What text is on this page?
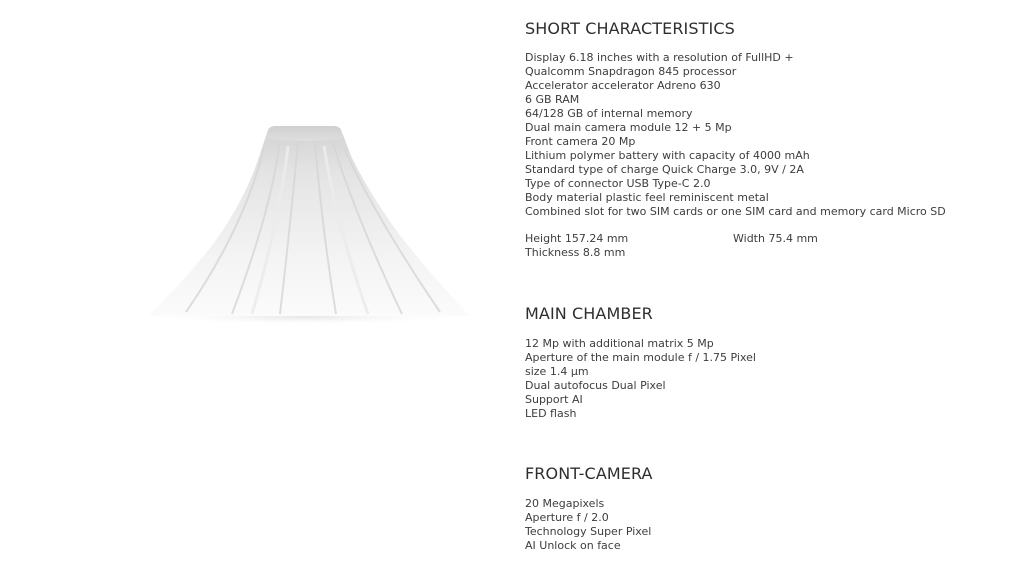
SHORT CHARACTERISTICS
Display 6.18 inches with a resolution of FullHD +
Qualcomm Snapdragon 845 processor
Accelerator accelerator Adreno 630
6 GB RAM
64/128 GB of internal memory
Dual main camera module 12 + 5 Mp
Front camera 20 Mp
Lithium polymer battery with capacity of 4000 mAh
Standard type of charge Quick Charge 3.0, 9V / 2A
Type of connector USB Type-C 2.0
Body material plastic feel reminiscent metal
Combined slot for two SIM cards or one SIM card and memory card Micro SD
Height 157.24 mm	Width 75.4 mm
Thickness 8.8 mm
MAIN CHAMBER
12 Mp with additional matrix 5 Mp
Aperture of the main module f / 1.75 Pixel
size 1.4 μm
Dual autofocus Dual Pixel
Support AI
LED flash
FRONT-CAMERA
20 Megapixels
Aperture f / 2.0
Technology Super Pixel
AI Unlock on face
